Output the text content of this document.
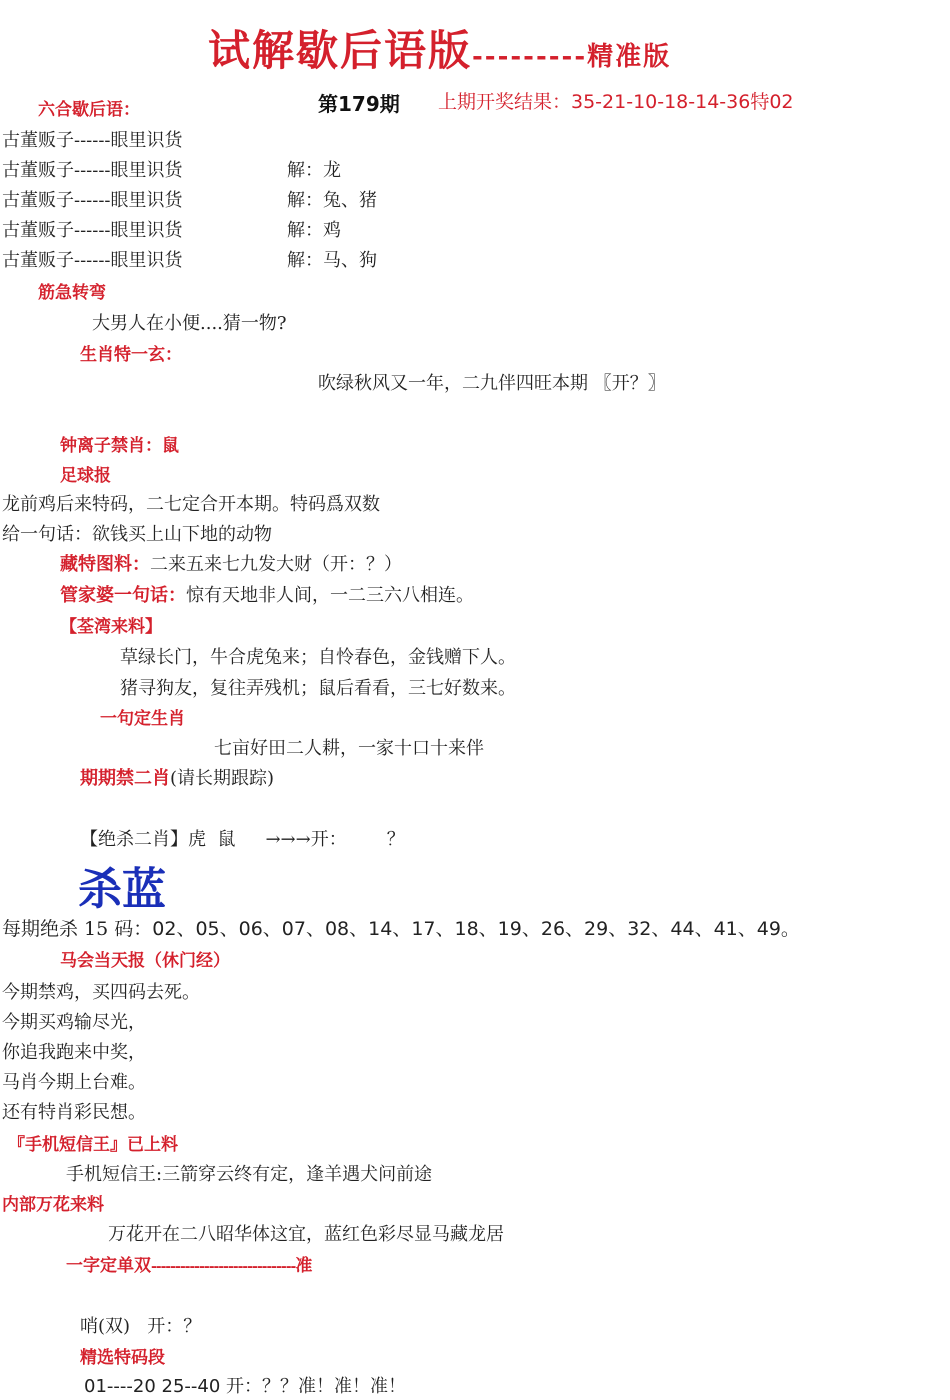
试解歇后语版---------精准版
第179期 上期开奖结果：35-21-10-18-14-36特02
六合歇后语：
古董贩子------眼里识货
古董贩子------眼里识货	解：龙
古董贩子------眼里识货	解：兔、猪
古董贩子------眼里识货	解：鸡
古董贩子------眼里识货	解：马、狗
筋急转弯
大男人在小便....猜一物?
生肖特一玄：
吹绿秋风又一年，二九伴四旺本期 〖开？〗
钟离子禁肖：鼠
足球报
龙前鸡后来特码，二七定合开本期。特码爲双数
给一句话：欲钱买上山下地的动物
藏特图料：二来五来七九发大财（开：？）
管家婆一句话：惊有天地非人间，一二三六八相连。
【荃湾来料】
草绿长门，牛合虎兔来；自怜春色，金钱赠下人。
猪寻狗友，复往弄残机；鼠后看看，三七好数来。
一句定生肖
七亩好田二人耕，一家十口十来伴
期期禁二肖(请长期跟踪)
【绝杀二肖】虎  鼠 →→→开： ？
杀蓝
每期绝杀 15 码：02、05、06、07、08、14、17、18、19、26、29、32、44、41、49。
马会当天报（休门经）
今期禁鸡，买四码去死。
今期买鸡输尽光，
你追我跑来中奖，
马肖今期上台难。
还有特肖彩民想。
『手机短信王』已上料
手机短信王:三箭穿云终有定，逢羊遇犬问前途
内部万花来料
万花开在二八昭华体这宜，蓝红色彩尽显马藏龙居
一字定单双------------------------------准
哨(双)   开：？
精选特码段
01----20 25--40 开：？？准！准！准！
